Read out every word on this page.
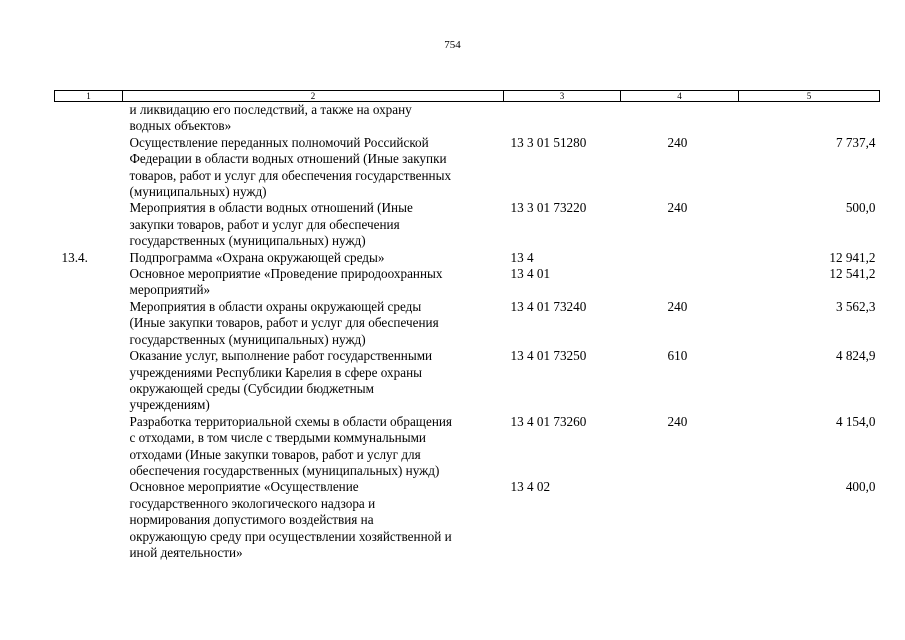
754
1	2	3	4	5
	и ликвидацию его последствий, а также на охрану
водных объектов»			
	Осуществление переданных полномочий Российской
Федерации в области водных отношений (Иные закупки
товаров, работ и услуг для обеспечения государственных
(муниципальных) нужд)	13 3 01 51280	240	7 737,4
	Мероприятия в области водных отношений (Иные
закупки товаров, работ и услуг для обеспечения
государственных (муниципальных) нужд)	13 3 01 73220	240	500,0
13.4.	Подпрограмма «Охрана окружающей среды»	13 4		12 941,2
	Основное мероприятие «Проведение природоохранных
мероприятий»	13 4 01		12 541,2
	Мероприятия в области охраны окружающей среды
(Иные закупки товаров, работ и услуг для обеспечения
государственных (муниципальных) нужд)	13 4 01 73240	240	3 562,3
	Оказание услуг, выполнение работ государственными
учреждениями Республики Карелия в сфере охраны
окружающей среды (Субсидии бюджетным
учреждениям)	13 4 01 73250	610	4 824,9
	Разработка территориальной схемы в области обращения
с отходами, в том числе с твердыми коммунальными
отходами (Иные закупки товаров, работ и услуг для
обеспечения государственных (муниципальных) нужд)	13 4 01 73260	240	4 154,0
	Основное мероприятие «Осуществление
государственного экологического надзора и
нормирования допустимого воздействия на
окружающую среду при осуществлении хозяйственной и
иной деятельности»	13 4 02		400,0
